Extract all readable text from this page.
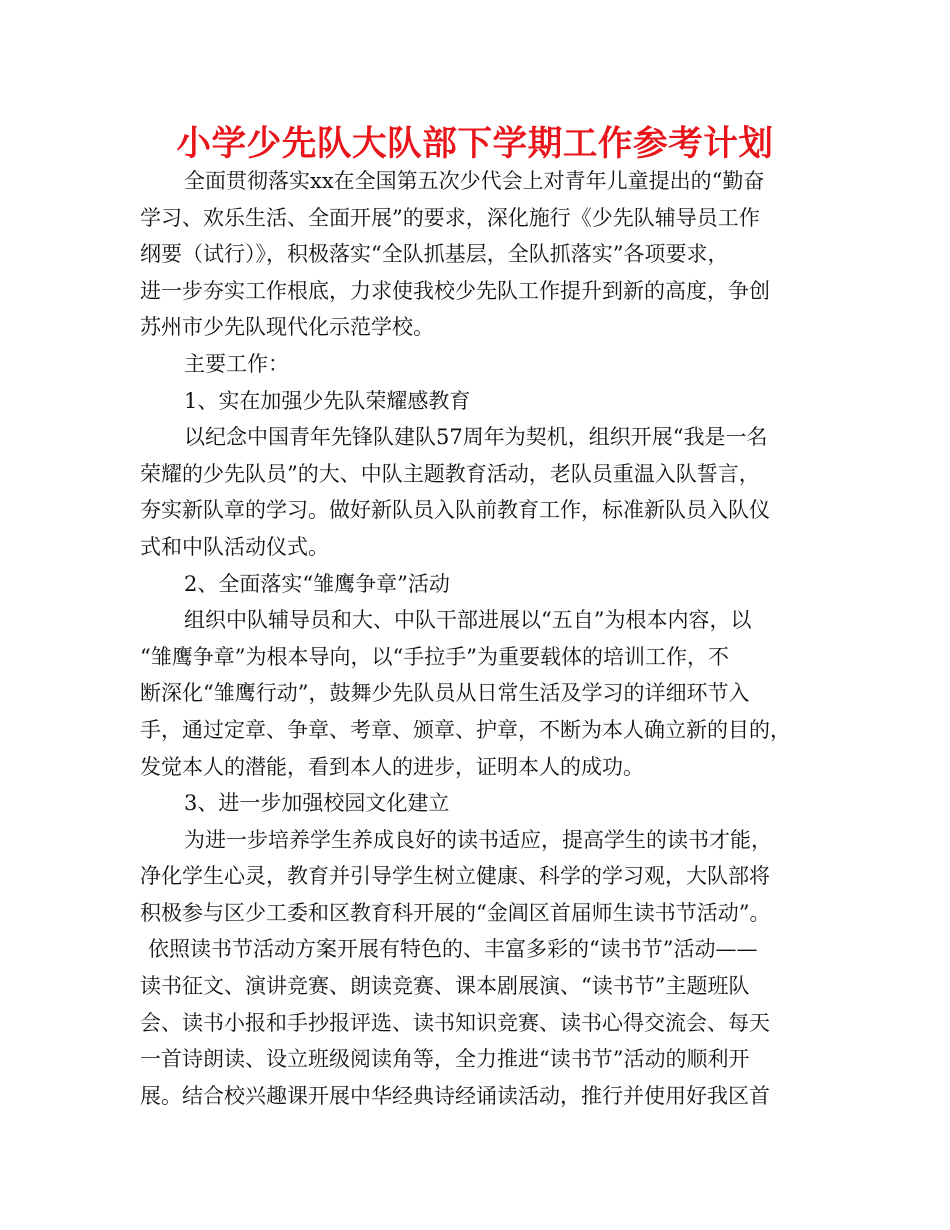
小学少先队大队部下学期工作参考计划
全面贯彻落实xx在全国第五次少代会上对青年儿童提出的“勤奋
学习、欢乐生活、全面开展”的要求，深化施行《少先队辅导员工作
纲要（试行）》，积极落实“全队抓基层，全队抓落实”各项要求，
进一步夯实工作根底，力求使我校少先队工作提升到新的高度，争创
苏州市少先队现代化示范学校。
主要工作：
1、实在加强少先队荣耀感教育
以纪念中国青年先锋队建队57周年为契机，组织开展“我是一名
荣耀的少先队员”的大、中队主题教育活动，老队员重温入队誓言，
夯实新队章的学习。做好新队员入队前教育工作，标准新队员入队仪
式和中队活动仪式。
2、全面落实“雏鹰争章”活动
组织中队辅导员和大、中队干部进展以“五自”为根本内容，以
“雏鹰争章”为根本导向，以“手拉手”为重要载体的培训工作，不
断深化“雏鹰行动”，鼓舞少先队员从日常生活及学习的详细环节入
手，通过定章、争章、考章、颁章、护章，不断为本人确立新的目的，
发觉本人的潜能，看到本人的进步，证明本人的成功。
3、进一步加强校园文化建立
为进一步培养学生养成良好的读书适应，提高学生的读书才能，
净化学生心灵，教育并引导学生树立健康、科学的学习观，大队部将
积极参与区少工委和区教育科开展的“金阊区首届师生读书节活动”。
依照读书节活动方案开展有特色的、丰富多彩的“读书节”活动——
读书征文、演讲竞赛、朗读竞赛、课本剧展演、“读书节”主题班队
会、读书小报和手抄报评选、读书知识竞赛、读书心得交流会、每天
一首诗朗读、设立班级阅读角等，全力推进“读书节”活动的顺利开
展。结合校兴趣课开展中华经典诗经诵读活动，推行并使用好我区首
